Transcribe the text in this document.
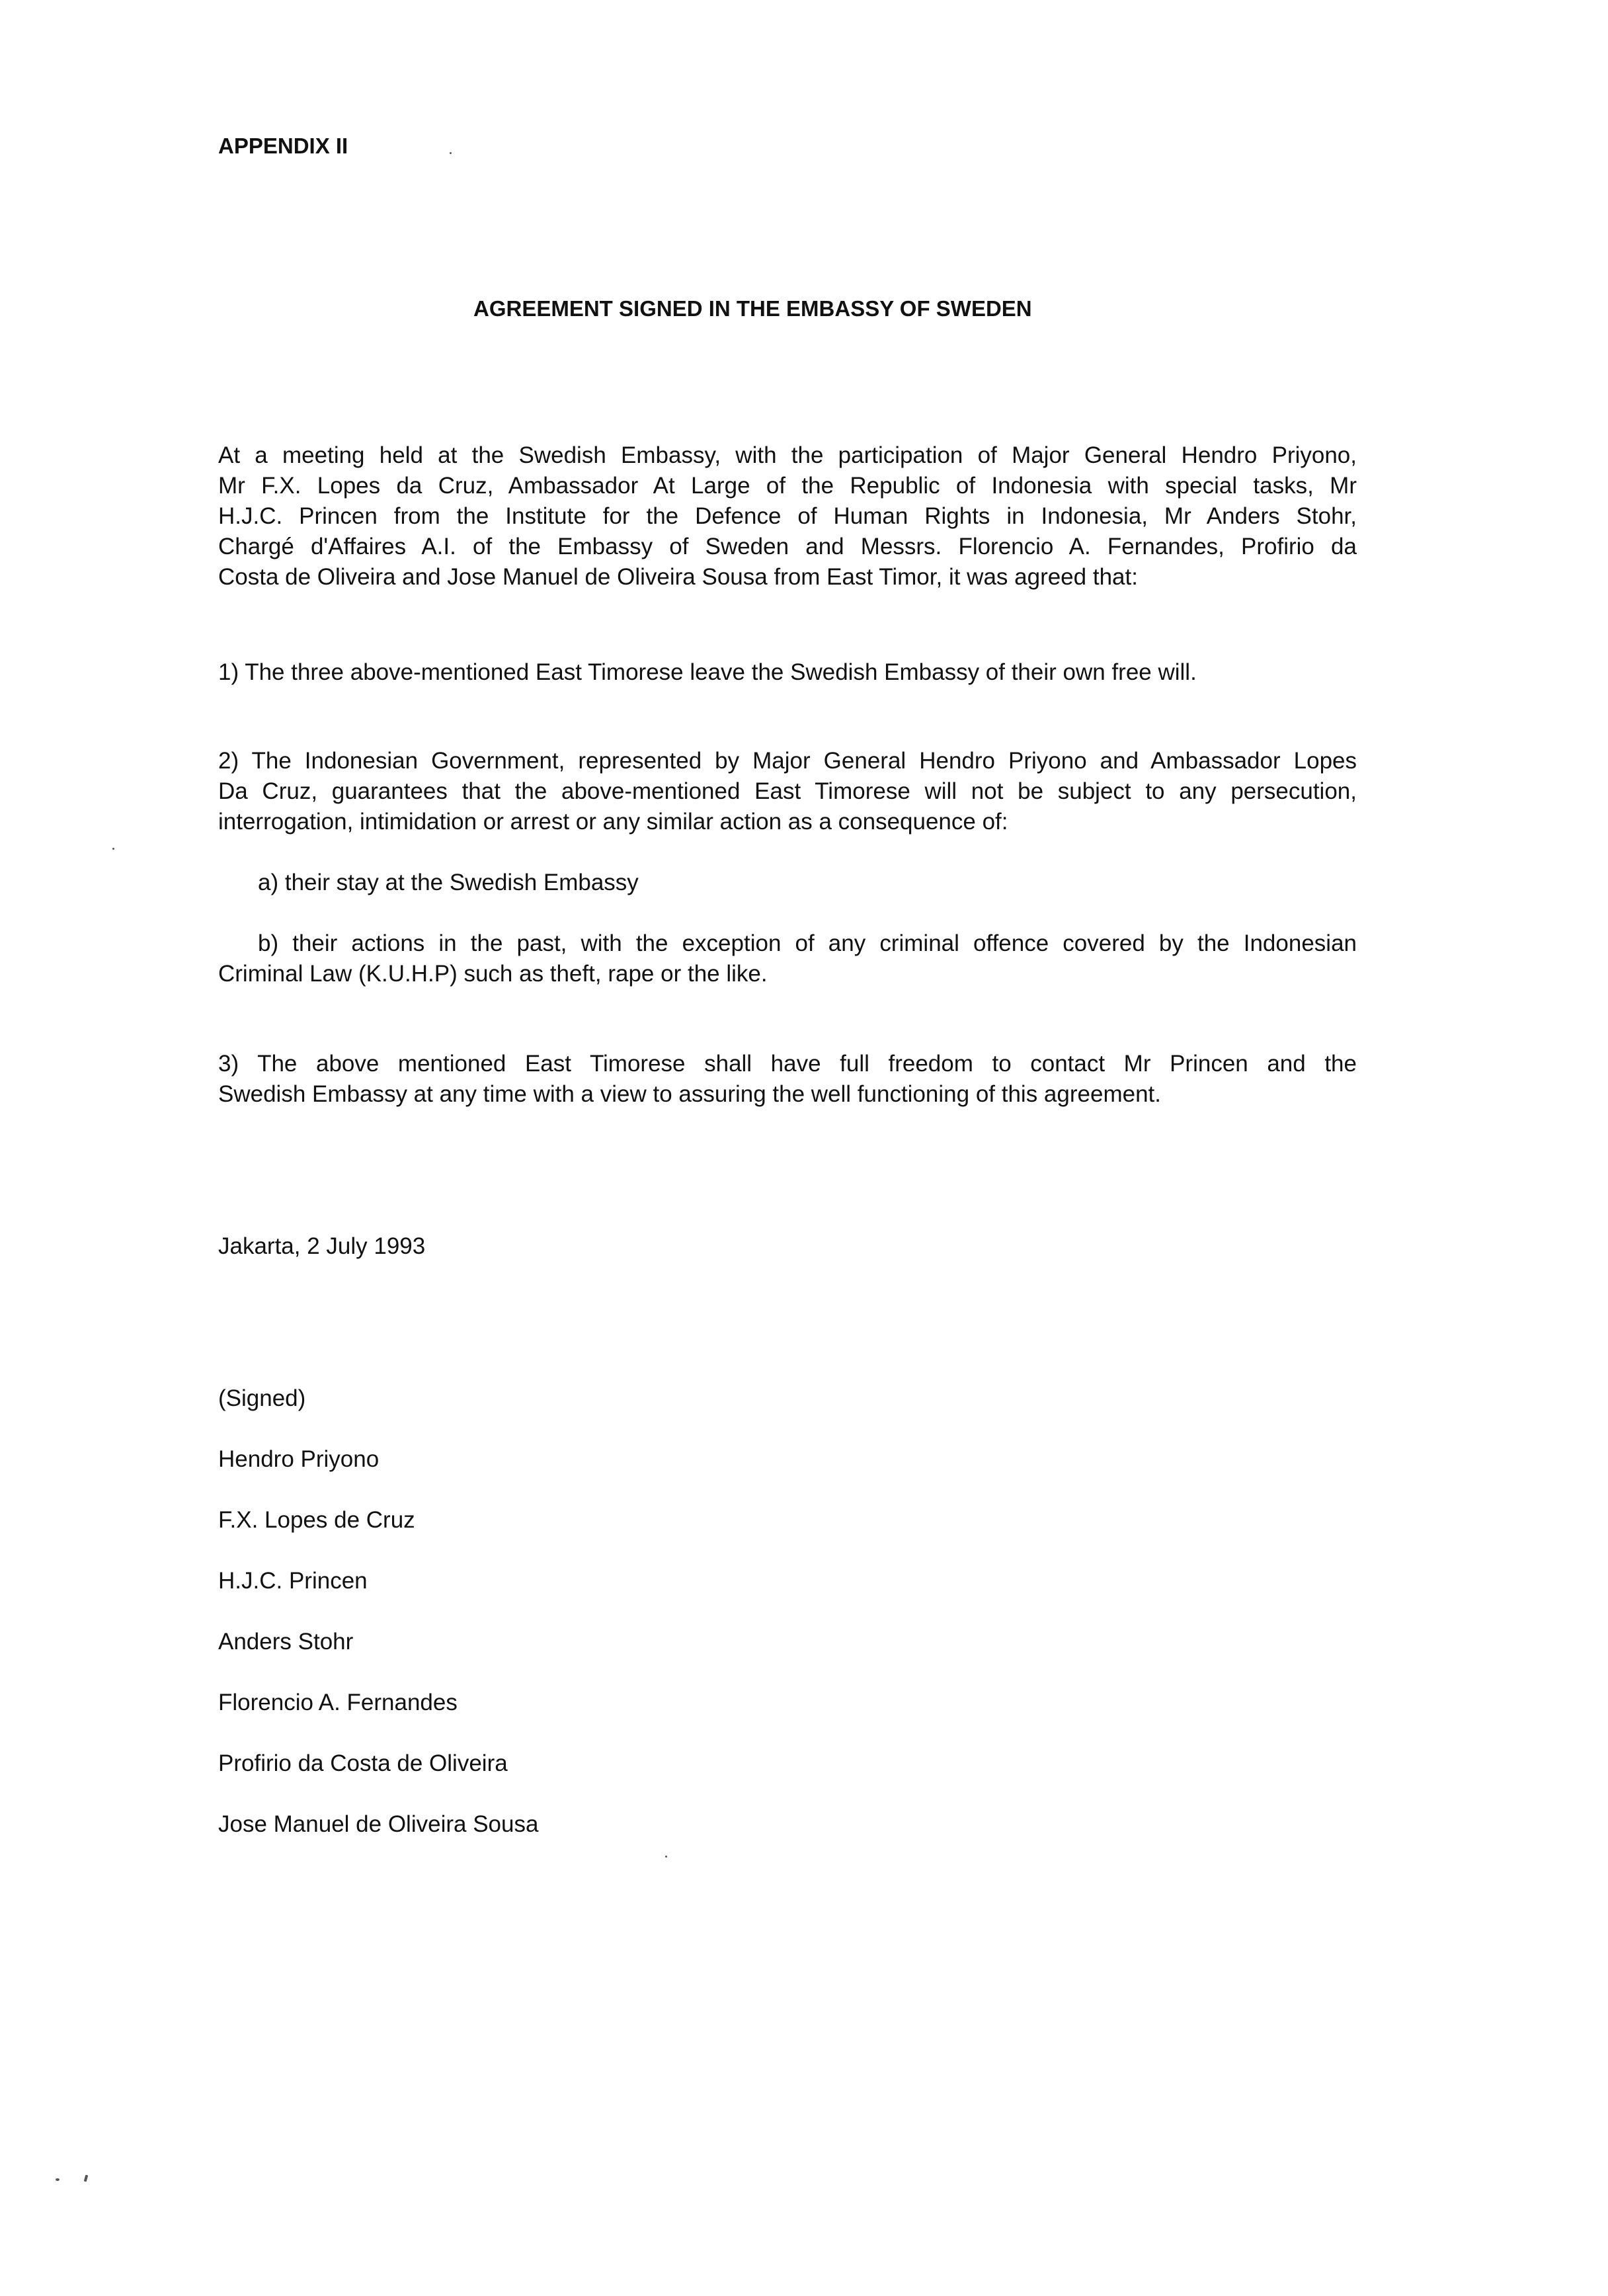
APPENDIX II
AGREEMENT SIGNED IN THE EMBASSY OF SWEDEN
At a meeting held at the Swedish Embassy, with the participation of Major General Hendro Priyono,
Mr F.X. Lopes da Cruz, Ambassador At Large of the Republic of Indonesia with special tasks, Mr
H.J.C. Princen from the Institute for the Defence of Human Rights in Indonesia, Mr Anders Stohr,
Chargé d'Affaires A.I. of the Embassy of Sweden and Messrs. Florencio A. Fernandes, Profirio da
Costa de Oliveira and Jose Manuel de Oliveira Sousa from East Timor, it was agreed that:
1) The three above-mentioned East Timorese leave the Swedish Embassy of their own free will.
2) The Indonesian Government, represented by Major General Hendro Priyono and Ambassador Lopes
Da Cruz, guarantees that the above-mentioned East Timorese will not be subject to any persecution,
interrogation, intimidation or arrest or any similar action as a consequence of:
a) their stay at the Swedish Embassy
b) their actions in the past, with the exception of any criminal offence covered by the Indonesian
Criminal Law (K.U.H.P) such as theft, rape or the like.
3) The above mentioned East Timorese shall have full freedom to contact Mr Princen and the
Swedish Embassy at any time with a view to assuring the well functioning of this agreement.
Jakarta, 2 July 1993
(Signed)
Hendro Priyono
F.X. Lopes de Cruz
H.J.C. Princen
Anders Stohr
Florencio A. Fernandes
Profirio da Costa de Oliveira
Jose Manuel de Oliveira Sousa
